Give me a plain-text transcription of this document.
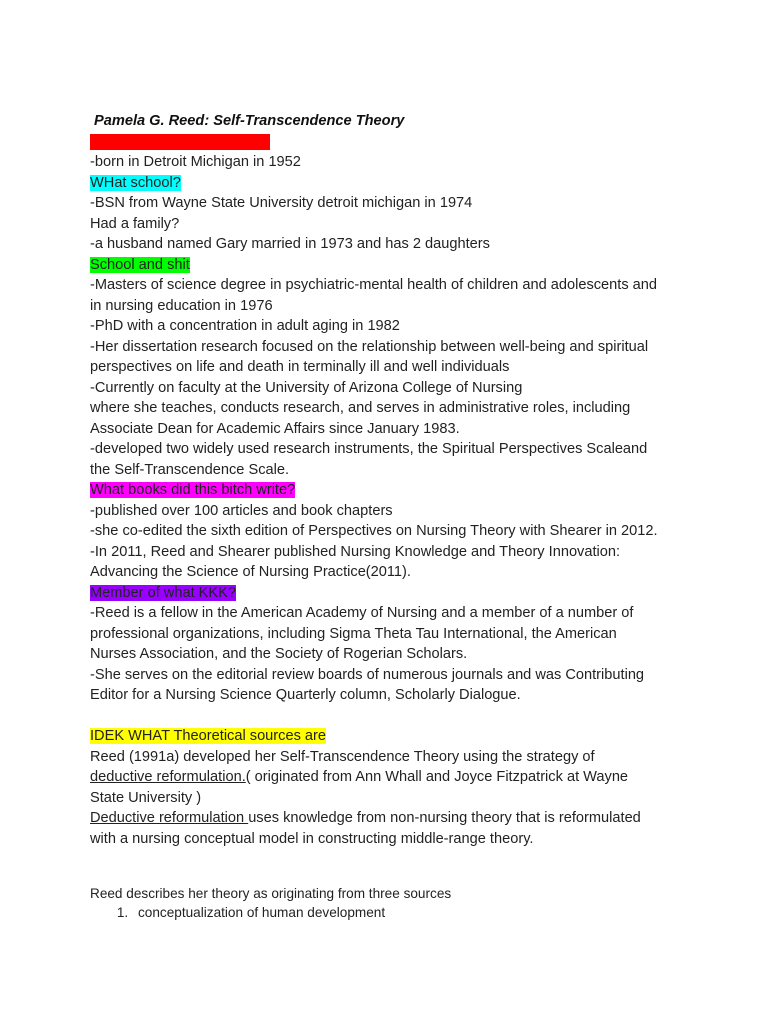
Pamela G. Reed: Self-Transcendence Theory
WHere was this Bitch born?
-born in Detroit Michigan in 1952
WHat school?
-BSN from Wayne State University detroit michigan in 1974
Had a family?
-a husband named Gary married in 1973 and has 2 daughters
School and shit
-Masters of science degree in psychiatric-mental health of children and adolescents and
in nursing education in 1976
-PhD with a concentration in adult aging in 1982
-Her dissertation research focused on the relationship between well-being and spiritual
perspectives on life and death in terminally ill and well individuals
-Currently on faculty at the University of Arizona College of Nursing
where she teaches, conducts research, and serves in administrative roles, including
Associate Dean for Academic Affairs since January 1983.
-developed two widely used research instruments, the Spiritual Perspectives Scaleand
the Self-Transcendence Scale.
What books did this bitch write?
-published over 100 articles and book chapters
-she co-edited the sixth edition of Perspectives on Nursing Theory with Shearer in 2012.
-In 2011, Reed and Shearer published Nursing Knowledge and Theory Innovation:
Advancing the Science of Nursing Practice(2011).
Member of what KKK?
-Reed is a fellow in the American Academy of Nursing and a member of a number of
professional organizations, including Sigma Theta Tau International, the American
Nurses Association, and the Society of Rogerian Scholars.
-She serves on the editorial review boards of numerous journals and was Contributing
Editor for a Nursing Science Quarterly column, Scholarly Dialogue.
IDEK WHAT Theoretical sources are
Reed (1991a) developed her Self-Transcendence Theory using the strategy of
deductive reformulation.( originated from Ann Whall and Joyce Fitzpatrick at Wayne
State University )
Deductive reformulation uses knowledge from non-nursing theory that is reformulated
with a nursing conceptual model in constructing middle-range theory.
Reed describes her theory as originating from three sources
1. conceptualization of human development
